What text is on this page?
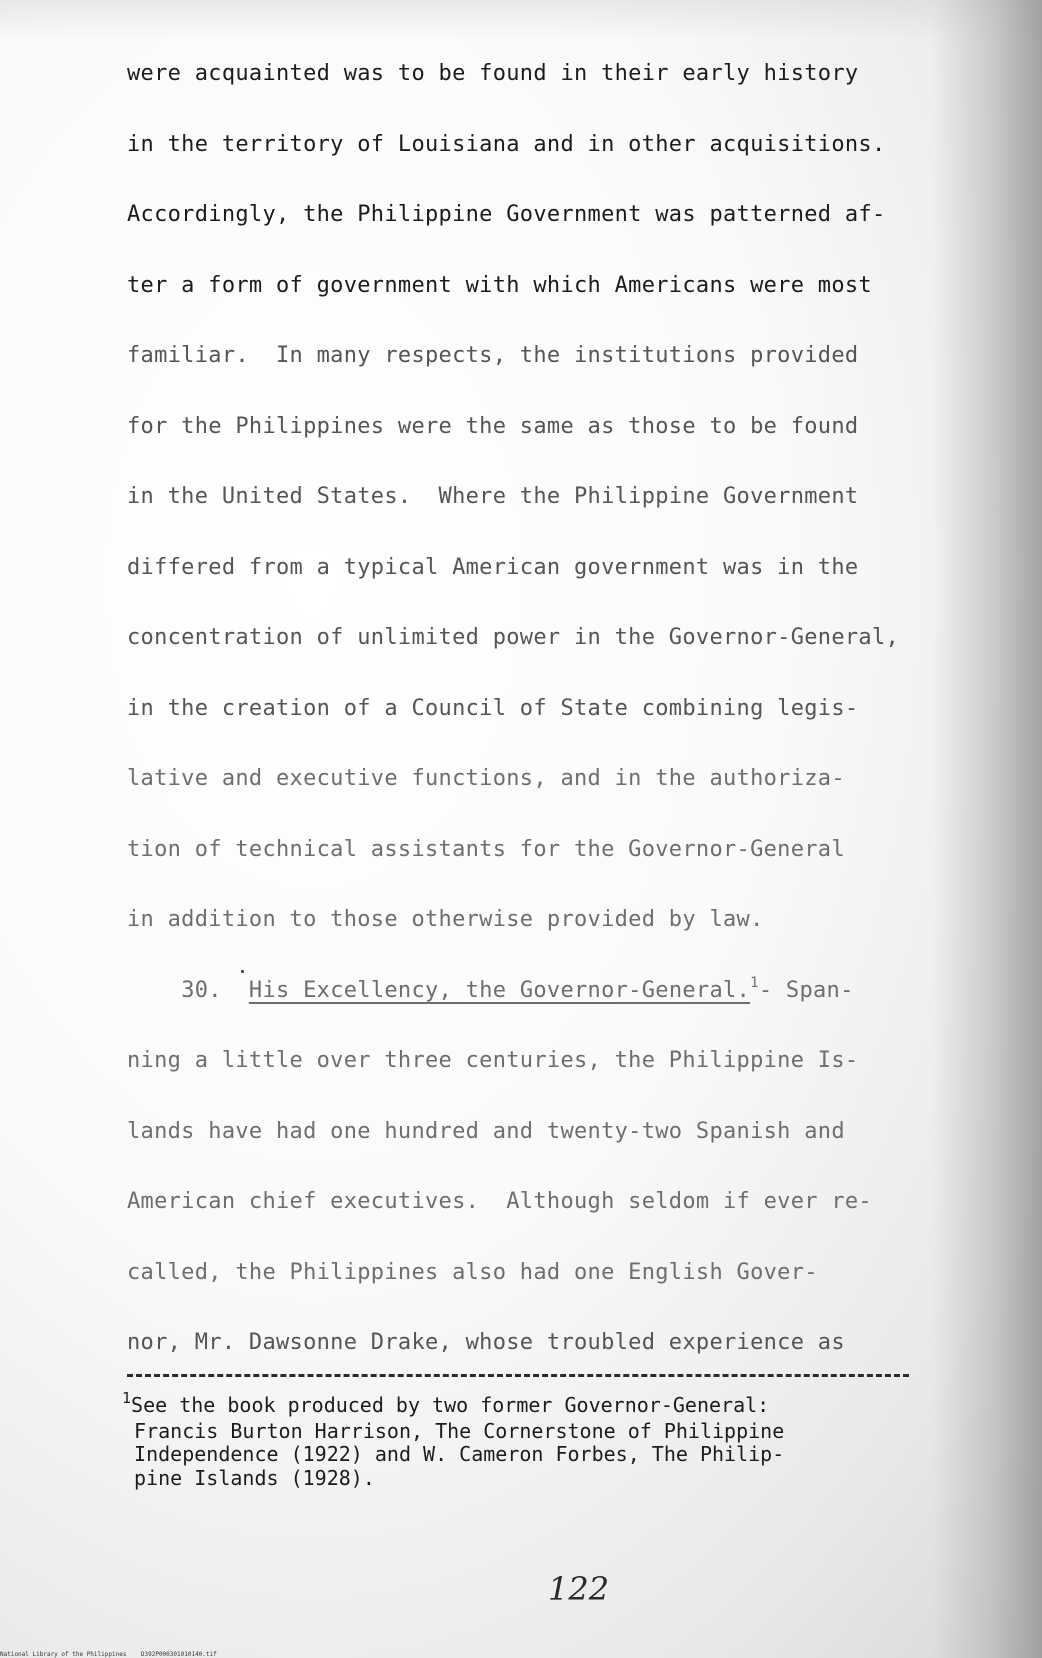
were acquainted was to be found in their early history

in the territory of Louisiana and in other acquisitions.

Accordingly, the Philippine Government was patterned af-

ter a form of government with which Americans were most

familiar.  In many respects, the institutions provided

for the Philippines were the same as those to be found

in the United States.  Where the Philippine Government

differed from a typical American government was in the

concentration of unlimited power in the Governor-General,

in the creation of a Council of State combining legis-

lative and executive functions, and in the authoriza-

tion of technical assistants for the Governor-General

in addition to those otherwise provided by law.

30. His Excellency, the Governor-General.$^1$- Span-

ning a little over three centuries, the Philippine Is-

lands have had one hundred and twenty-two Spanish and

American chief executives.  Although seldom if ever re-

called, the Philippines also had one English Gover-

nor, Mr. Dawsonne Drake, whose troubled experience as

$^1$See the book produced by two former Governor-General:
Francis Burton Harrison, The Cornerstone of Philippine
Independence (1922) and W. Cameron Forbes, The Philip-
pine Islands (1928).
122
National Library of the Philippines    D392P000301010140.tif
